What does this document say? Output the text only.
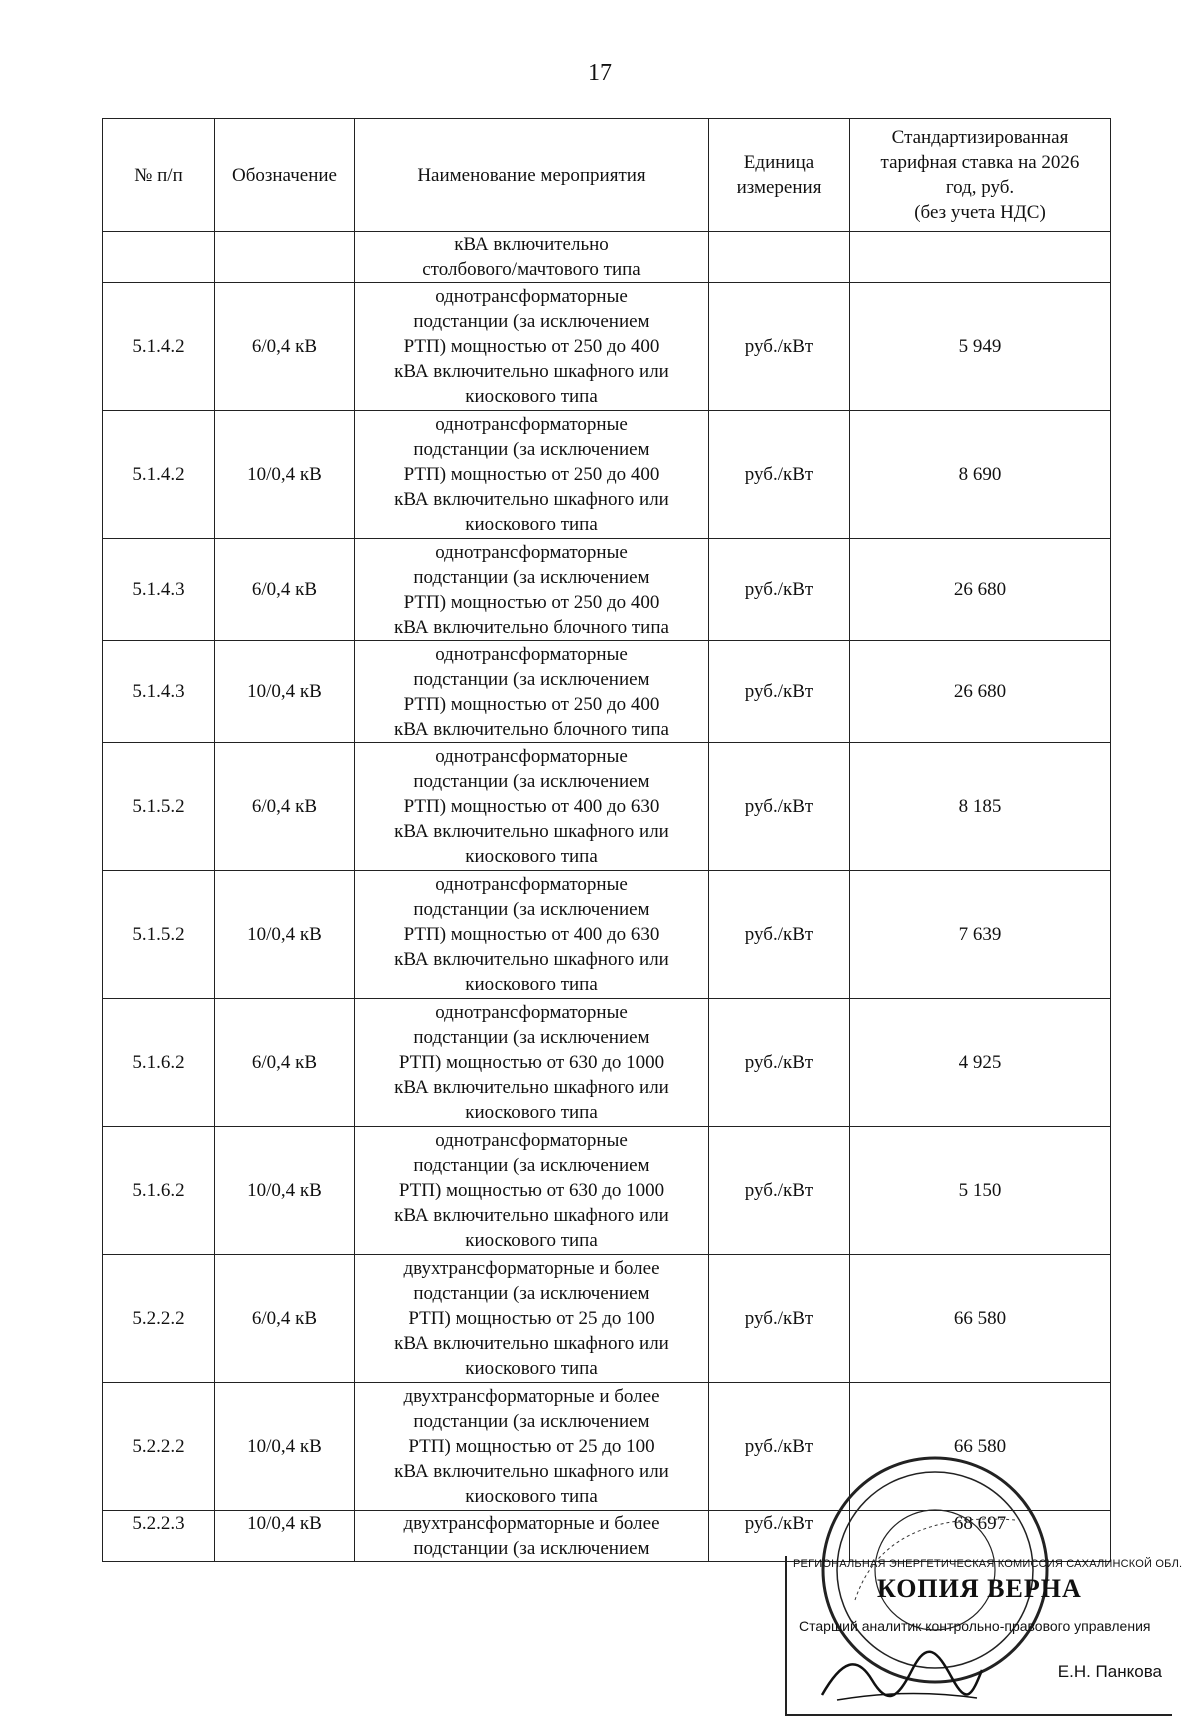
17
№ п/п	Обозначение	Наименование мероприятия	Единица
измерения	Стандартизированная
тарифная ставка на 2026
год, руб.
(без учета НДС)
		кВА включительно
столбового/мачтового типа		
5.1.4.2	6/0,4 кВ	однотрансформаторные
подстанции (за исключением
РТП) мощностью от 250 до 400
кВА включительно шкафного или
киоскового типа	руб./кВт	5 949
5.1.4.2	10/0,4 кВ	однотрансформаторные
подстанции (за исключением
РТП) мощностью от 250 до 400
кВА включительно шкафного или
киоскового типа	руб./кВт	8 690
5.1.4.3	6/0,4 кВ	однотрансформаторные
подстанции (за исключением
РТП) мощностью от 250 до 400
кВА включительно блочного типа	руб./кВт	26 680
5.1.4.3	10/0,4 кВ	однотрансформаторные
подстанции (за исключением
РТП) мощностью от 250 до 400
кВА включительно блочного типа	руб./кВт	26 680
5.1.5.2	6/0,4 кВ	однотрансформаторные
подстанции (за исключением
РТП) мощностью от 400 до 630
кВА включительно шкафного или
киоскового типа	руб./кВт	8 185
5.1.5.2	10/0,4 кВ	однотрансформаторные
подстанции (за исключением
РТП) мощностью от 400 до 630
кВА включительно шкафного или
киоскового типа	руб./кВт	7 639
5.1.6.2	6/0,4 кВ	однотрансформаторные
подстанции (за исключением
РТП) мощностью от 630 до 1000
кВА включительно шкафного или
киоскового типа	руб./кВт	4 925
5.1.6.2	10/0,4 кВ	однотрансформаторные
подстанции (за исключением
РТП) мощностью от 630 до 1000
кВА включительно шкафного или
киоскового типа	руб./кВт	5 150
5.2.2.2	6/0,4 кВ	двухтрансформаторные и более
подстанции (за исключением
РТП) мощностью от 25 до 100
кВА включительно шкафного или
киоскового типа	руб./кВт	66 580
5.2.2.2	10/0,4 кВ	двухтрансформаторные и более
подстанции (за исключением
РТП) мощностью от 25 до 100
кВА включительно шкафного или
киоскового типа	руб./кВт	66 580
5.2.2.3	10/0,4 кВ	двухтрансформаторные и более
подстанции (за исключением	руб./кВт	68 697
РЕГИОНАЛЬНАЯ ЭНЕРГЕТИЧЕСКАЯ КОМИССИЯ САХАЛИНСКОЙ ОБЛ.
КОПИЯ ВЕРНА
Старший аналитик контрольно-правового управления
Е.Н. Панкова
